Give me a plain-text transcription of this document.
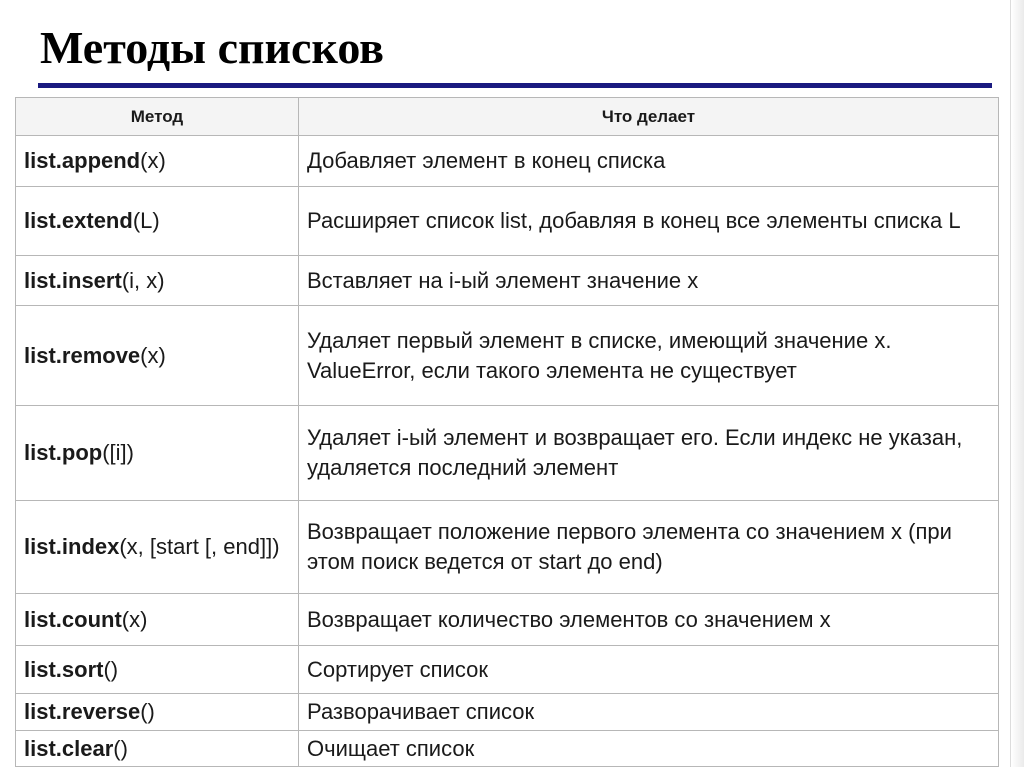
Методы списков
Метод	Что делает
list.append(x)	Добавляет элемент в конец списка
list.extend(L)	Расширяет список list, добавляя в конец все элементы списка L
list.insert(i, x)	Вставляет на i-ый элемент значение x
list.remove(x)	Удаляет первый элемент в списке, имеющий значение x. ValueError, если такого элемента не существует
list.pop([i])	Удаляет i-ый элемент и возвращает его. Если индекс не указан, удаляется последний элемент
list.index(x, [start [, end]])	Возвращает положение первого элемента со значением x (при этом поиск ведется от start до end)
list.count(x)	Возвращает количество элементов со значением x
list.sort()	Сортирует список
list.reverse()	Разворачивает список
list.clear()	Очищает список
